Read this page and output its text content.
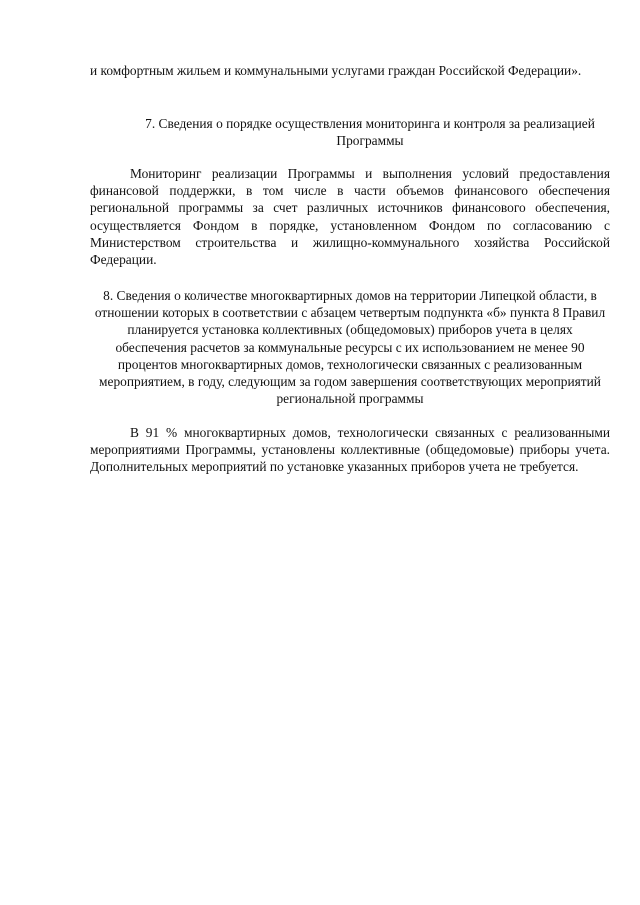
и комфортным жильем и коммунальными услугами граждан Российской Федерации».

7. Сведения о порядке осуществления мониторинга и контроля за реализацией Программы

Мониторинг реализации Программы и выполнения условий предоставления финансовой поддержки, в том числе в части объемов финансового обеспечения региональной программы за счет различных источников финансового обеспечения, осуществляется Фондом в порядке, установленном Фондом по согласованию с Министерством строительства и жилищно-коммунального хозяйства Российской Федерации.

8. Сведения о количестве многоквартирных домов на территории Липецкой области, в отношении которых в соответствии с абзацем четвертым подпункта «б» пункта 8 Правил планируется установка коллективных (общедомовых) приборов учета в целях обеспечения расчетов за коммунальные ресурсы с их использованием не менее 90 процентов многоквартирных домов, технологически связанных с реализованным мероприятием, в году, следующим за годом завершения соответствующих мероприятий региональной программы

В 91 % многоквартирных домов, технологически связанных с реализованными мероприятиями Программы, установлены коллективные (общедомовые) приборы учета. Дополнительных мероприятий по установке указанных приборов учета не требуется.
